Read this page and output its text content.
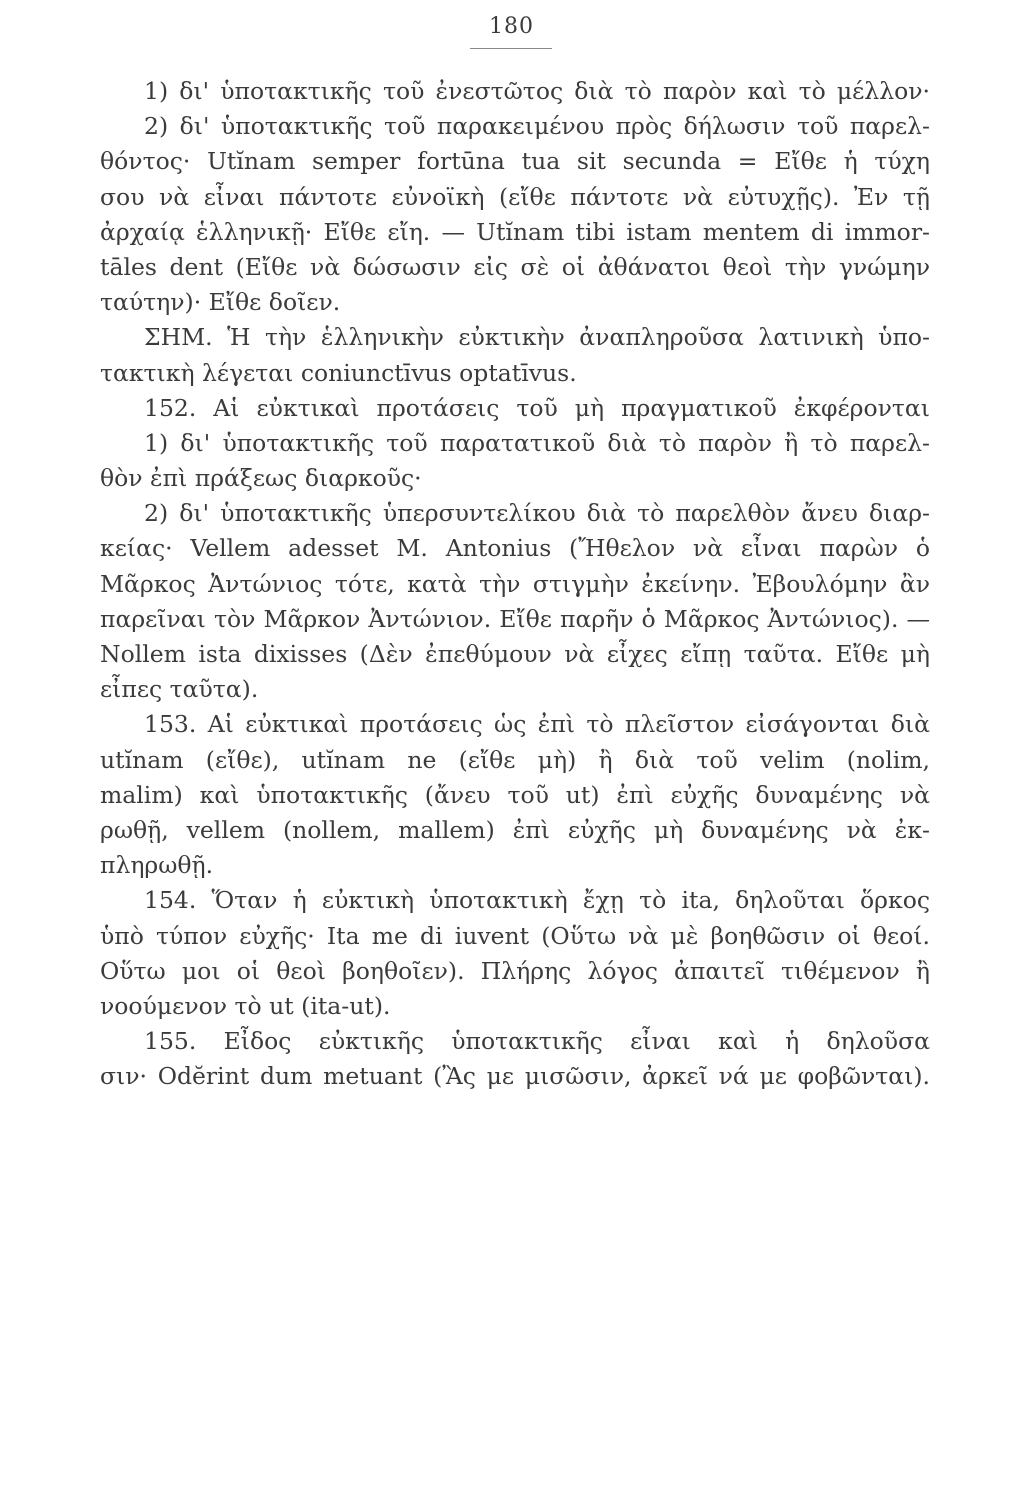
180
1) δι' ὑποτακτικῆς τοῦ ἐνεστῶτος διὰ τὸ παρὸν καὶ τὸ μέλλον·
2) δι' ὑποτακτικῆς τοῦ παρακειμένου πρὸς δήλωσιν τοῦ παρελ-
θόντος· Utĭnam semper fortūna tua sit secunda = Εἴθε ἡ τύχη
σου νὰ εἶναι πάντοτε εὐνοϊκὴ (εἴθε πάντοτε νὰ εὐτυχῇς). Ἐν τῇ
ἀρχαίᾳ ἑλληνικῇ· Εἴθε εἴη. — Utĭnam tibi istam mentem di immor-
tāles dent (Εἴθε νὰ δώσωσιν εἰς σὲ οἱ ἀθάνατοι θεοὶ τὴν γνώμην
ταύτην)· Εἴθε δοῖεν.
ΣΗΜ. Ἡ τὴν ἑλληνικὴν εὐκτικὴν ἀναπληροῦσα λατινικὴ ὑπο-
τακτικὴ λέγεται coniunctīvus optatīvus.
152. Αἱ εὐκτικαὶ προτάσεις τοῦ μὴ πραγματικοῦ ἐκφέρονται
1) δι' ὑποτακτικῆς τοῦ παρατατικοῦ διὰ τὸ παρὸν ἢ τὸ παρελ-
θὸν ἐπὶ πράξεως διαρκοῦς·
2) δι' ὑποτακτικῆς ὑπερσυντελίκου διὰ τὸ παρελθὸν ἄνευ διαρ-
κείας· Vellem adesset M. Antonius (Ἤθελον νὰ εἶναι παρὼν ὁ
Μᾶρκος Ἀντώνιος τότε, κατὰ τὴν στιγμὴν ἐκείνην. Ἐβουλόμην ἂν
παρεῖναι τὸν Μᾶρκον Ἀντώνιον. Εἴθε παρῆν ὁ Μᾶρκος Ἀντώνιος). —
Nollem ista dixisses (Δὲν ἐπεθύμουν νὰ εἶχες εἴπῃ ταῦτα. Εἴθε μὴ
εἶπες ταῦτα).
153. Αἱ εὐκτικαὶ προτάσεις ὡς ἐπὶ τὸ πλεῖστον εἰσάγονται διὰ
utĭnam (εἴθε), utĭnam ne (εἴθε μὴ) ἢ διὰ τοῦ velim (nolim,
malim) καὶ ὑποτακτικῆς (ἄνευ τοῦ ut) ἐπὶ εὐχῆς δυναμένης νὰ
ρωθῇ, vellem (nollem, mallem) ἐπὶ εὐχῆς μὴ δυναμένης νὰ ἐκ-
πληρωθῇ.
154. Ὅταν ἡ εὐκτικὴ ὑποτακτικὴ ἔχῃ τὸ ita, δηλοῦται ὅρκος
ὑπὸ τύπον εὐχῆς· Ita me di iuvent (Οὕτω νὰ μὲ βοηθῶσιν οἱ θεοί.
Οὕτω μοι οἱ θεοὶ βοηθοῖεν). Πλήρης λόγος ἀπαιτεῖ τιθέμενον ἢ
νοούμενον τὸ ut (ita-ut).
155. Εἶδος εὐκτικῆς ὑποτακτικῆς εἶναι καὶ ἡ δηλοῦσα
σιν· Odĕrint dum metuant (Ἂς με μισῶσιν, ἀρκεῖ νά με φοβῶνται).
